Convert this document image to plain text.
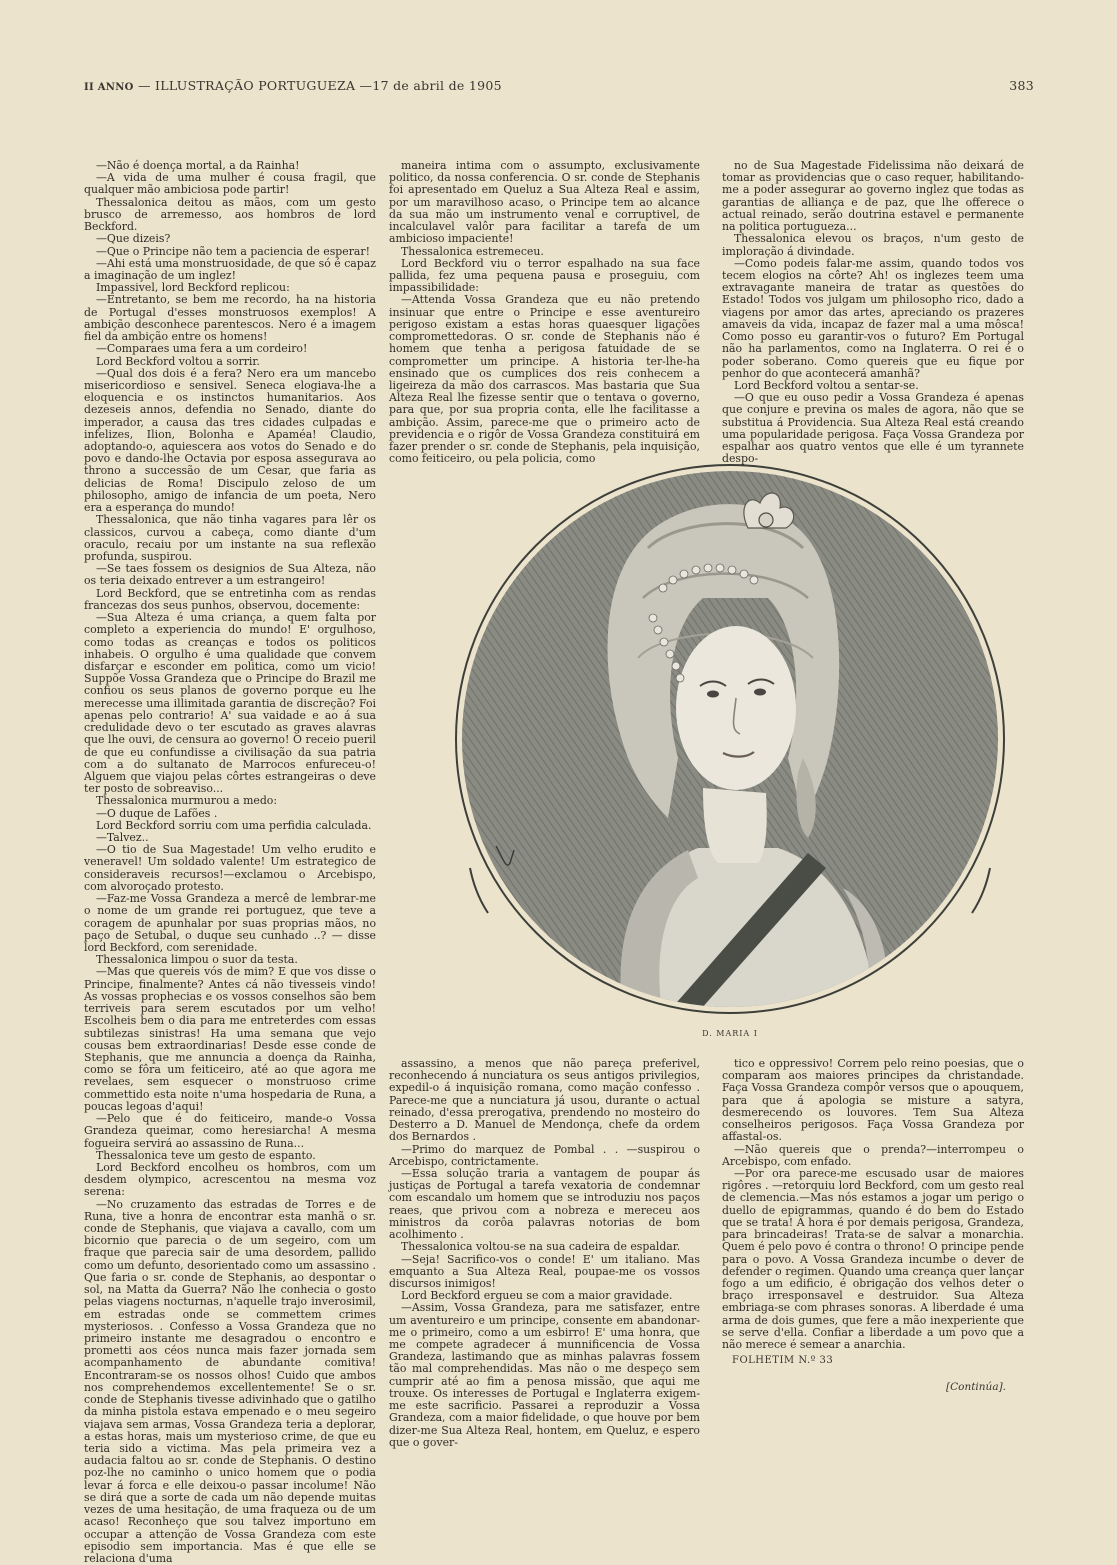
II ANNO — ILLUSTRAÇÃO PORTUGUEZA —17 de abril de 1905	383

—Não é doença mortal, a da Rainha!

—A vida de uma mulher é cousa fragil, que qualquer mão ambiciosa pode partir!

Thessalonica deitou as mãos, com um gesto brusco de arremesso, aos hombros de lord Beckford.

—Que dizeis?

—Que o Principe não tem a paciencia de esperar!

—Ahi está uma monstruosidade, de que só é capaz a imaginação de um inglez!

Impassivel, lord Beckford replicou:

—Entretanto, se bem me recordo, ha na historia de Portugal d'esses monstruosos exemplos! A ambição desconhece parentescos. Nero é a imagem fiel da ambição entre os homens!

—Comparaes uma fera a um cordeiro!

Lord Beckford voltou a sorrir.

—Qual dos dois é a fera? Nero era um mancebo misericordioso e sensivel. Seneca elogiava-lhe a eloquencia e os instinctos humanitarios. Aos dezeseis annos, defendia no Senado, diante do imperador, a causa das tres cidades culpadas e infelizes, Ilion, Bolonha e Apaméa! Claudio, adoptando-o, aquiescera aos votos do Senado e do povo e dando-lhe Octavia por esposa assegurava ao throno a successão de um Cesar, que faria as delicias de Roma! Discipulo zeloso de um philosopho, amigo de infancia de um poeta, Nero era a esperança do mundo!

Thessalonica, que não tinha vagares para lêr os classicos, curvou a cabeça, como diante d'um oraculo, recaiu por um instante na sua reflexão profunda, suspirou.

—Se taes fossem os designios de Sua Alteza, não os teria deixado entrever a um estrangeiro!

Lord Beckford, que se entretinha com as rendas francezas dos seus punhos, observou, docemente:

—Sua Alteza é uma criança, a quem falta por completo a experiencia do mundo! E' orgulhoso, como todas as creanças e todos os politicos inhabeis. O orgulho é uma qualidade que convem disfarçar e esconder em politica, como um vicio! Suppõe Vossa Grandeza que o Principe do Brazil me confiou os seus planos de governo porque eu lhe merecesse uma illimitada garantia de discreção? Foi apenas pelo contrario! A' sua vaidade e ao á sua credulidade devo o ter escutado as graves alavras que lhe ouvi, de censura ao governo! O receio pueril de que eu confundisse a civilisação da sua patria com a do sultanato de Marrocos enfureceu-o! Alguem que viajou pelas côrtes estrangeiras o deve ter posto de sobreaviso...

Thessalonica murmurou a medo:

—O duque de Lafões .

Lord Beckford sorriu com uma perfidia calculada.

—Talvez..

—O tio de Sua Magestade! Um velho erudito e veneravel! Um soldado valente! Um estrategico de consideraveis recursos!—exclamou o Arcebispo, com alvoroçado protesto.

—Faz-me Vossa Grandeza a mercê de lembrar-me o nome de um grande rei portuguez, que teve a coragem de apunhalar por suas proprias mãos, no paço de Setubal, o duque seu cunhado ..? — disse lord Beckford, com serenidade.

Thessalonica limpou o suor da testa.

—Mas que quereis vós de mim? E que vos disse o Principe, finalmente? Antes cá não tivesseis vindo! As vossas prophecias e os vossos conselhos são bem terriveis para serem escutados por um velho! Escolheis bem o dia para me entreterdes com essas subtilezas sinistras! Ha uma semana que vejo cousas bem extraordinarias! Desde esse conde de Stephanis, que me annuncia a doença da Rainha, como se fôra um feiticeiro, até ao que agora me revelaes, sem esquecer o monstruoso crime commettido esta noite n'uma hospedaria de Runa, a poucas legoas d'aqui!

—Pelo que é do feiticeiro, mande-o Vossa Grandeza queimar, como heresiarcha! A mesma fogueira servirá ao assassino de Runa...

Thessalonica teve um gesto de espanto.

Lord Beckford encolheu os hombros, com um desdem olympico, acrescentou na mesma voz serena:

—No cruzamento das estradas de Torres e de Runa, tive a honra de encontrar esta manhã o sr. conde de Stephanis, que viajava a cavallo, com um bicornio que parecia o de um segeiro, com um fraque que parecia sair de uma desordem, pallido como um defunto, desorientado como um assassino . Que faria o sr. conde de Stephanis, ao despontar o sol, na Matta da Guerra? Não lhe conhecia o gosto pelas viagens nocturnas, n'aquelle trajo inverosimil, em estradas onde se commettem crimes mysteriosos. . Confesso a Vossa Grandeza que no primeiro instante me desagradou o encontro e prometti aos céos nunca mais fazer jornada sem acompanhamento de abundante comitiva! Encontraram-se os nossos olhos! Cuido que ambos nos comprehendemos excellentemente! Se o sr. conde de Stephanis tivesse adivinhado que o gatilho da minha pistola estava empenado e o meu segeiro viajava sem armas, Vossa Grandeza teria a deplorar, a estas horas, mais um mysterioso crime, de que eu teria sido a victima. Mas pela primeira vez a audacia faltou ao sr. conde de Stephanis. O destino poz-lhe no caminho o unico homem que o podia levar á forca e elle deixou-o passar incolume! Não se dirá que a sorte de cada um não depende muitas vezes de uma hesitação, de uma fraqueza ou de um acaso! Reconheço que sou talvez importuno em occupar a attenção de Vossa Grandeza com este episodio sem importancia. Mas é que elle se relaciona d'uma

maneira intima com o assumpto, exclusivamente politico, da nossa conferencia. O sr. conde de Stephanis foi apresentado em Queluz a Sua Alteza Real e assim, por um maravilhoso acaso, o Principe tem ao alcance da sua mão um instrumento venal e corruptivel, de incalculavel valôr para facilitar a tarefa de um ambicioso impaciente!

Thessalonica estremeceu.

Lord Beckford viu o terror espalhado na sua face pallida, fez uma pequena pausa e proseguiu, com impassibilidade:

—Attenda Vossa Grandeza que eu não pretendo insinuar que entre o Principe e esse aventureiro perigoso existam a estas horas quaesquer ligações compromettedoras. O sr. conde de Stephanis não é homem que tenha a perigosa fatuidade de se comprometter um principe. A historia ter-lhe-ha ensinado que os cumplices dos reis conhecem a ligeireza da mão dos carrascos. Mas bastaria que Sua Alteza Real lhe fizesse sentir que o tentava o governo, para que, por sua propria conta, elle lhe facilitasse a ambição. Assim, parece-me que o primeiro acto de previdencia e o rigôr de Vossa Grandeza constituirá em fazer prender o sr. conde de Stephanis, pela inquisição, como feiticeiro, ou pela policia, como

no de Sua Magestade Fidelissima não deixará de tomar as providencias que o caso requer, habilitando-me a poder assegurar ao governo inglez que todas as garantias de alliança e de paz, que lhe offerece o actual reinado, serão doutrina estavel e permanente na politica portugueza...

Thessalonica elevou os braços, n'um gesto de imploração á divindade.

—Como podeis falar-me assim, quando todos vos tecem elogios na côrte? Ah! os inglezes teem uma extravagante maneira de tratar as questões do Estado! Todos vos julgam um philosopho rico, dado a viagens por amor das artes, apreciando os prazeres amaveis da vida, incapaz de fazer mal a uma môsca! Como posso eu garantir-vos o futuro? Em Portugal não ha parlamentos, como na Inglaterra. O rei é o poder soberano. Como quereis que eu fique por penhor do que acontecerá amanhã?

Lord Beckford voltou a sentar-se.

—O que eu ouso pedir a Vossa Grandeza é apenas que conjure e previna os males de agora, não que se substitua á Providencia. Sua Alteza Real está creando uma popularidade perigosa. Faça Vossa Grandeza por espalhar aos quatro ventos que elle é um tyrannete despo-

D. MARIA I

assassino, a menos que não pareça preferivel, reconhecendo á nunciatura os seus antigos privilegios, expedil-o á inquisição romana, como mação confesso . Parece-me que a nunciatura já usou, durante o actual reinado, d'essa prerogativa, prendendo no mosteiro do Desterro a D. Manuel de Mendonça, chefe da ordem dos Bernardos .

—Primo do marquez de Pombal . . —suspirou o Arcebispo, contrictamente.

—Essa solução traria a vantagem de poupar ás justiças de Portugal a tarefa vexatoria de condemnar com escandalo um homem que se introduziu nos paços reaes, que privou com a nobreza e mereceu aos ministros da corôa palavras notorias de bom acolhimento .

Thessalonica voltou-se na sua cadeira de espaldar.

—Seja! Sacrifico-vos o conde! E' um italiano. Mas emquanto a Sua Alteza Real, poupae-me os vossos discursos inimigos!

Lord Beckford ergueu se com a maior gravidade.

—Assim, Vossa Grandeza, para me satisfazer, entre um aventureiro e um principe, consente em abandonar-me o primeiro, como a um esbirro! E' uma honra, que me compete agradecer á munnificencia de Vossa Grandeza, lastimando que as minhas palavras fossem tão mal comprehendidas. Mas não o me despeço sem cumprir até ao fim a penosa missão, que aqui me trouxe. Os interesses de Portugal e Inglaterra exigem-me este sacrificio. Passarei a reproduzir a Vossa Grandeza, com a maior fidelidade, o que houve por bem dizer-me Sua Alteza Real, hontem, em Queluz, e espero que o gover-

tico e oppressivo! Correm pelo reino poesias, que o comparam aos maiores principes da christandade. Faça Vossa Grandeza compôr versos que o apouquem, para que á apologia se misture a satyra, desmerecendo os louvores. Tem Sua Alteza conselheiros perigosos. Faça Vossa Grandeza por affastal-os.

—Não quereis que o prenda?—interrompeu o Arcebispo, com enfado.

—Por ora parece-me escusado usar de maiores rigôres . —retorquiu lord Beckford, com um gesto real de clemencia.—Mas nós estamos a jogar um perigo o duello de epigrammas, quando é do bem do Estado que se trata! A hora é por demais perigosa, Grandeza, para brincadeiras! Trata-se de salvar a monarchia. Quem é pelo povo é contra o throno! O principe pende para o povo. A Vossa Grandeza incumbe o dever de defender o regimen. Quando uma creança quer lançar fogo a um edificio, é obrigação dos velhos deter o braço irresponsavel e destruidor. Sua Alteza embriaga-se com phrases sonoras. A liberdade é uma arma de dois gumes, que fere a mão inexperiente que se serve d'ella. Confiar a liberdade a um povo que a não merece é semear a anarchia.

FOLHETIM N.º 33
[Continúa].
